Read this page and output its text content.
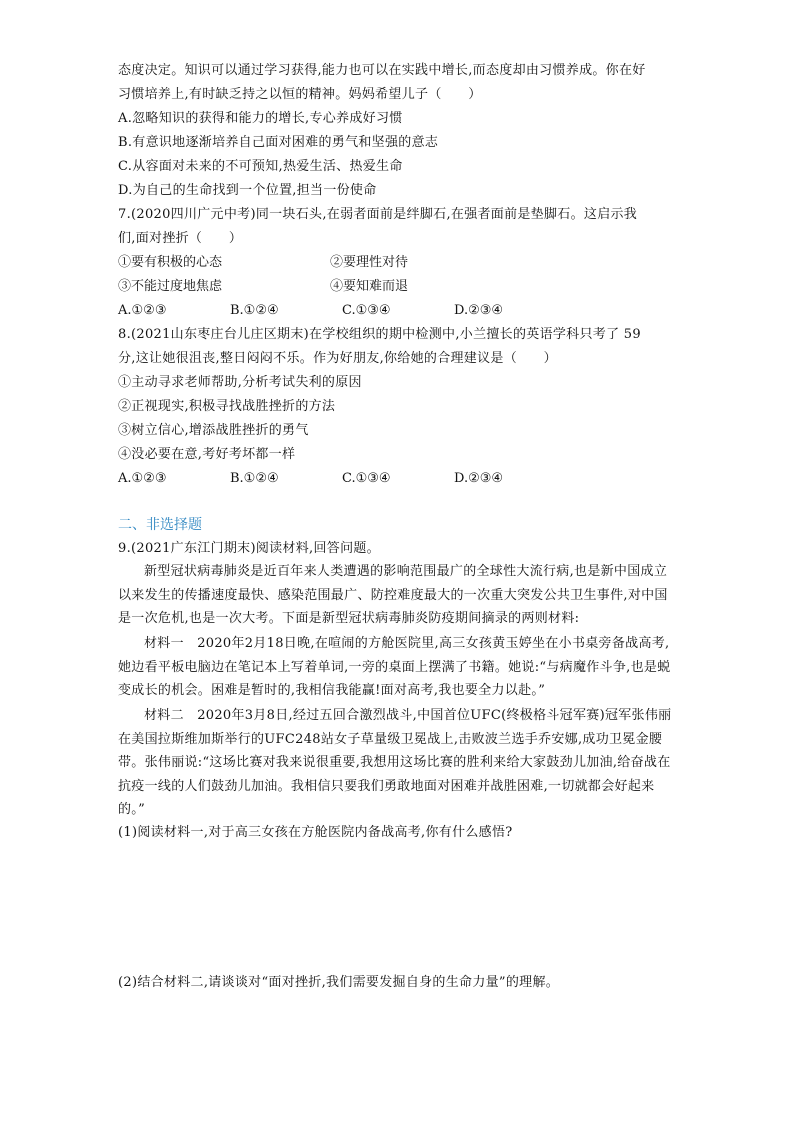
态度决定。知识可以通过学习获得,能力也可以在实践中增长,而态度却由习惯养成。你在好
习惯培养上,有时缺乏持之以恒的精神。妈妈希望儿子（　　）
A.忽略知识的获得和能力的增长,专心养成好习惯
B.有意识地逐渐培养自己面对困难的勇气和坚强的意志
C.从容面对未来的不可预知,热爱生活、热爱生命
D.为自己的生命找到一个位置,担当一份使命
7.(2020四川广元中考)同一块石头,在弱者面前是绊脚石,在强者面前是垫脚石。这启示我
们,面对挫折（　　）
①要有积极的心态	②要理性对待
③不能过度地焦虑	④要知难而退
A.①②③	B.①②④	C.①③④	D.②③④
8.(2021山东枣庄台儿庄区期末)在学校组织的期中检测中,小兰擅长的英语学科只考了 59
分,这让她很沮丧,整日闷闷不乐。作为好朋友,你给她的合理建议是（　　）
①主动寻求老师帮助,分析考试失利的原因
②正视现实,积极寻找战胜挫折的方法
③树立信心,增添战胜挫折的勇气
④没必要在意,考好考坏都一样
A.①②③	B.①②④	C.①③④	D.②③④
二、非选择题
9.(2021广东江门期末)阅读材料,回答问题。
新型冠状病毒肺炎是近百年来人类遭遇的影响范围最广的全球性大流行病,也是新中国成立以来发生的传播速度最快、感染范围最广、防控难度最大的一次重大突发公共卫生事件,对中国是一次危机,也是一次大考。下面是新型冠状病毒肺炎防疫期间摘录的两则材料:
材料一　2020年2月18日晚,在喧闹的方舱医院里,高三女孩黄玉婷坐在小书桌旁备战高考,她边看平板电脑边在笔记本上写着单词,一旁的桌面上摆满了书籍。她说:“与病魔作斗争,也是蜕变成长的机会。困难是暂时的,我相信我能赢!面对高考,我也要全力以赴。”
材料二　2020年3月8日,经过五回合激烈战斗,中国首位UFC(终极格斗冠军赛)冠军张伟丽在美国拉斯维加斯举行的UFC248站女子草量级卫冕战上,击败波兰选手乔安娜,成功卫冕金腰带。张伟丽说:“这场比赛对我来说很重要,我想用这场比赛的胜利来给大家鼓劲儿加油,给奋战在抗疫一线的人们鼓劲儿加油。我相信只要我们勇敢地面对困难并战胜困难,一切就都会好起来的。”
(1)阅读材料一,对于高三女孩在方舱医院内备战高考,你有什么感悟?
(2)结合材料二,请谈谈对“面对挫折,我们需要发掘自身的生命力量”的理解。
